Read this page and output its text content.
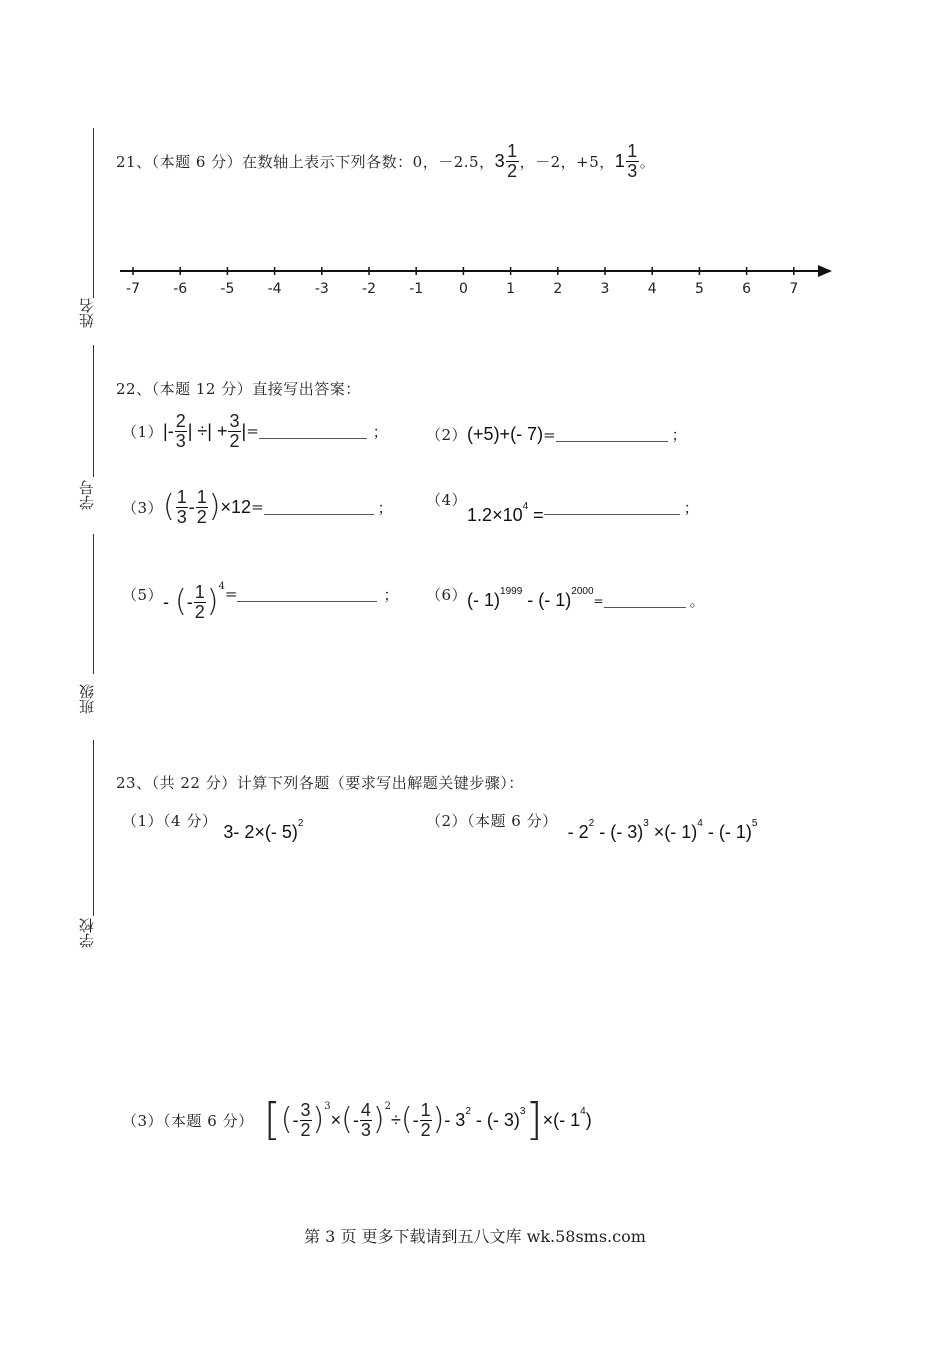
姓名
学号
班级
学校
21、（本题 6 分）在数轴上表示下列各数：0，－2.5， $3 \frac{1}{2}$ ，－2，+5， $1 \frac{1}{3}$ 。
-7 -6 -5 -4 -3 -2 -1	0	1	2	3	4	5	6	7
22、（本题 12 分）直接写出答案：
（1） |- $\frac{2}{3}$ | ÷| + $\frac{3}{2}$ | =	；	（2） (+5)+(- 7) =	；
（3） ( $\frac{1}{3} - \frac{1}{2}$ ) ×12 =	； （4）
$1.2\times 10^4$ =	；
（5） - ( - $\frac{1}{2}$ ) 4 =	； （6） (- 1)$^{1999}$ - (- 1)$^{2000}$
=	。
23、（共 22 分）计算下列各题（要求写出解题关键步骤）：
（1）（4 分）
3- 2×(- 5)$^2$	（2）（本题 6 分）
- $2^2$ - (- 3)$^3$ ×(- 1)$^4$ - (- 1)$^5$
（3）（本题 6 分） [ ( - $\frac{3}{2}$ ) 3
× ( - $\frac{4}{3}$ ) 2
÷ ( - $\frac{1}{2}$ ) - $3^2$ - (- 3)$^3$ ] ×(- $1^4$)
第 3 页 更多下载请到五八文库 wk.58sms.com
